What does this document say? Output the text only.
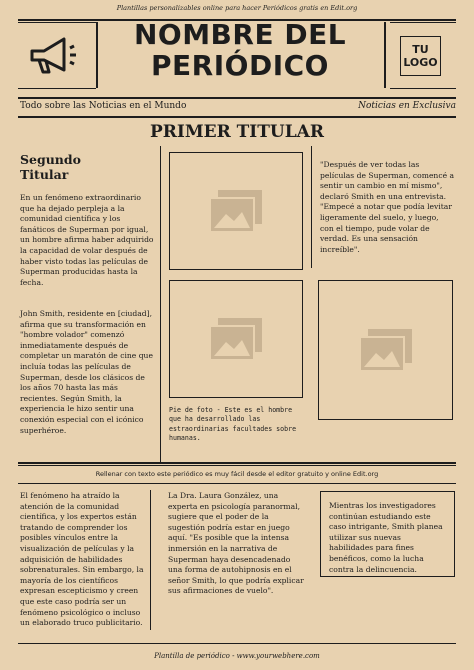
Plantillas personalizables online para hacer Periódicos gratis en Edit.org
NOMBRE DEL
PERIÓDICO	TU
LOGO
Todo sobre las Noticias en el Mundo	Noticias en Exclusiva
PRIMER TITULAR
Segundo
Titular
En un fenómeno extraordinario que ha dejado perpleja a la comunidad científica y los fanáticos de Superman por igual, un hombre afirma haber adquirido la capacidad de volar después de haber visto todas las películas de Superman producidas hasta la fecha.
John Smith, residente en [ciudad], afirma que su transformación en "hombre volador" comenzó inmediatamente después de completar un maratón de cine que incluía todas las películas de Superman, desde los clásicos de los años 70 hasta las más recientes. Según Smith, la experiencia le hizo sentir una conexión especial con el icónico superhéroe.
Pie de foto - Este es el hombre que ha desarrollado las estraordinarias facultades sobre humanas.
"Después de ver todas las películas de Superman, comencé a sentir un cambio en mí mismo", declaró Smith en una entrevista. "Empecé a notar que podía levitar ligeramente del suelo, y luego, con el tiempo, pude volar de verdad. Es una sensación increíble".
Rellenar con texto este periódico es muy fácil desde el editor gratuito y online Edit.org
El fenómeno ha atraído la atención de la comunidad científica, y los expertos están tratando de comprender los posibles vínculos entre la visualización de películas y la adquisición de habilidades sobrenaturales. Sin embargo, la mayoría de los científicos expresan escepticismo y creen que este caso podría ser un fenómeno psicológico o incluso un elaborado truco publicitario.
La Dra. Laura González, una experta en psicología paranormal, sugiere que el poder de la sugestión podría estar en juego aquí. "Es posible que la intensa inmersión en la narrativa de Superman haya desencadenado una forma de autohipnosis en el señor Smith, lo que podría explicar sus afirmaciones de vuelo".
Mientras los investigadores continúan estudiando este caso intrigante, Smith planea utilizar sus nuevas habilidades para fines benéficos, como la lucha contra la delincuencia.
Plantilla de periódico - www.yourwebhere.com
